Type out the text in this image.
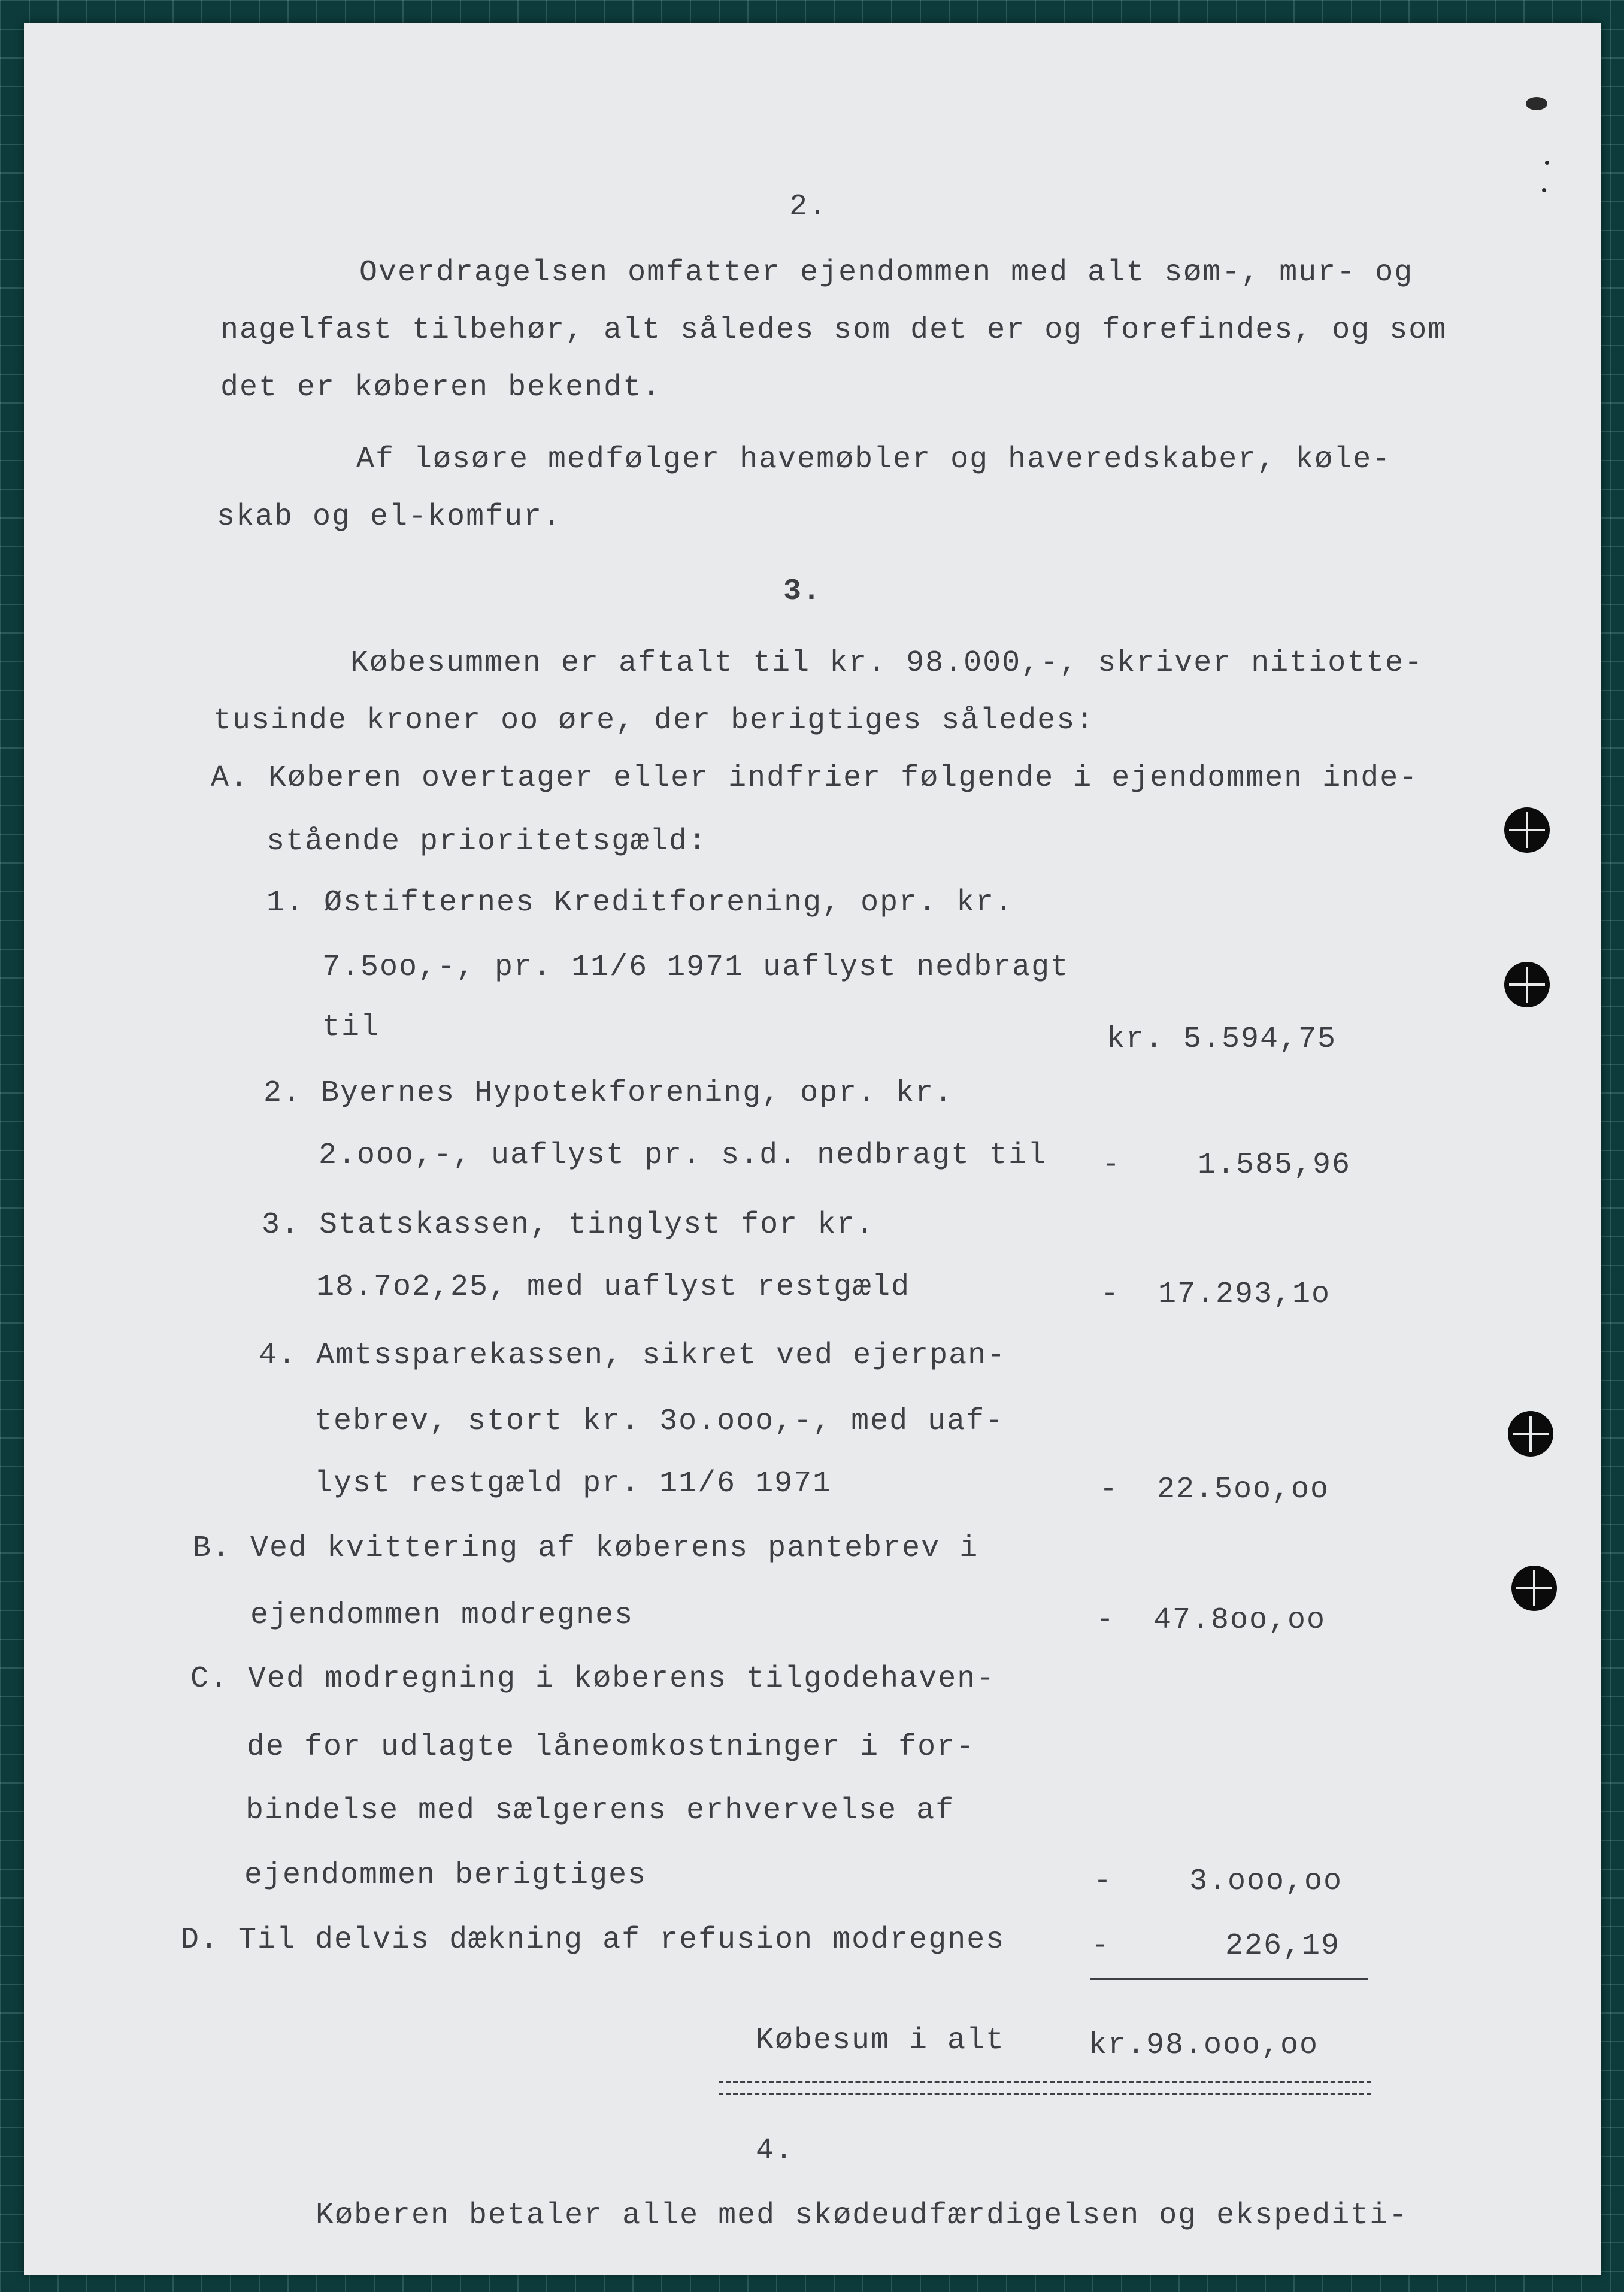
2.
Overdragelsen omfatter ejendommen med alt søm-, mur- og
nagelfast tilbehør, alt således som det er og forefindes, og som
det er køberen bekendt.
Af løsøre medfølger havemøbler og haveredskaber, køle-
skab og el-komfur.
3.
Købesummen er aftalt til kr. 98.000,-, skriver nitiotte-
tusinde kroner oo øre, der berigtiges således:
A. Køberen overtager eller indfrier følgende i ejendommen inde-
stående prioritetsgæld:
1. Østifternes Kreditforening, opr. kr.
7.5oo,-, pr. 11/6 1971 uaflyst nedbragt
til	kr. 5.594,75
2. Byernes Hypotekforening, opr. kr.
2.ooo,-, uaflyst pr. s.d. nedbragt til -    1.585,96
3. Statskassen, tinglyst for kr.
18.7o2,25, med uaflyst restgæld	-  17.293,1o
4. Amtssparekassen, sikret ved ejerpan-
tebrev, stort kr. 3o.ooo,-, med uaf-
lyst restgæld pr. 11/6 1971	-  22.5oo,oo
B. Ved kvittering af køberens pantebrev i
ejendommen modregnes	-  47.8oo,oo
C. Ved modregning i køberens tilgodehaven-
de for udlagte låneomkostninger i for-
bindelse med sælgerens erhvervelse af
ejendommen berigtiges	-    3.ooo,oo
D. Til delvis dækning af refusion modregnes	-      226,19
Købesum i alt	kr.98.ooo,oo
4.
Køberen betaler alle med skødeudfærdigelsen og ekspediti-
